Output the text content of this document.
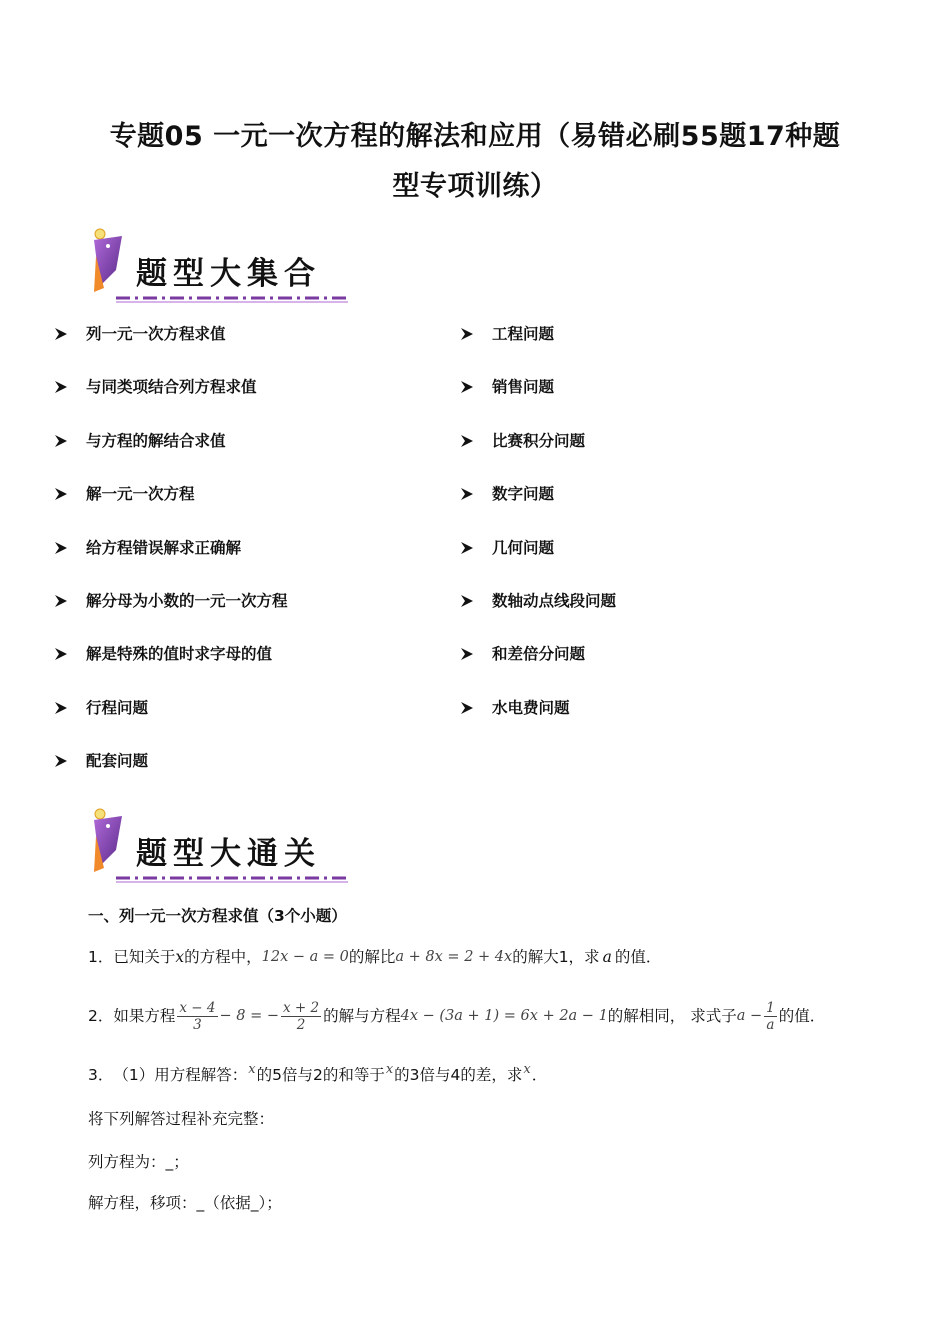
专题05 一元一次方程的解法和应用（易错必刷55题17种题
型专项训练）
题型大集合
列一元一次方程求值
与同类项结合列方程求值
与方程的解结合求值
解一元一次方程
给方程错误解求正确解
解分母为小数的一元一次方程
解是特殊的值时求字母的值
行程问题
配套问题
工程问题
销售问题
比赛积分问题
数字问题
几何问题
数轴动点线段问题
和差倍分问题
水电费问题
题型大通关
一、列一元一次方程求值（3个小题）
1． 已知关于 x 的方程中， 12x − a = 0 的解比 a + 8x = 2 + 4x 的解大1，求 a 的值．
2． 如果方程 $\frac{x - 4}{3} - 8$ = − $\frac{x + 2}{2}$ 的解与方程 4x − (3a + 1) = 6x + 2a − 1 的解相同， 求式子 $a - \frac{1}{a}$ 的值．
3． （1）用方程解答： x 的5倍与2的和等于 x 的3倍与4的差，求 x ．
将下列解答过程补充完整：
列方程为：_；
解方程，移项：_（依据_）；
